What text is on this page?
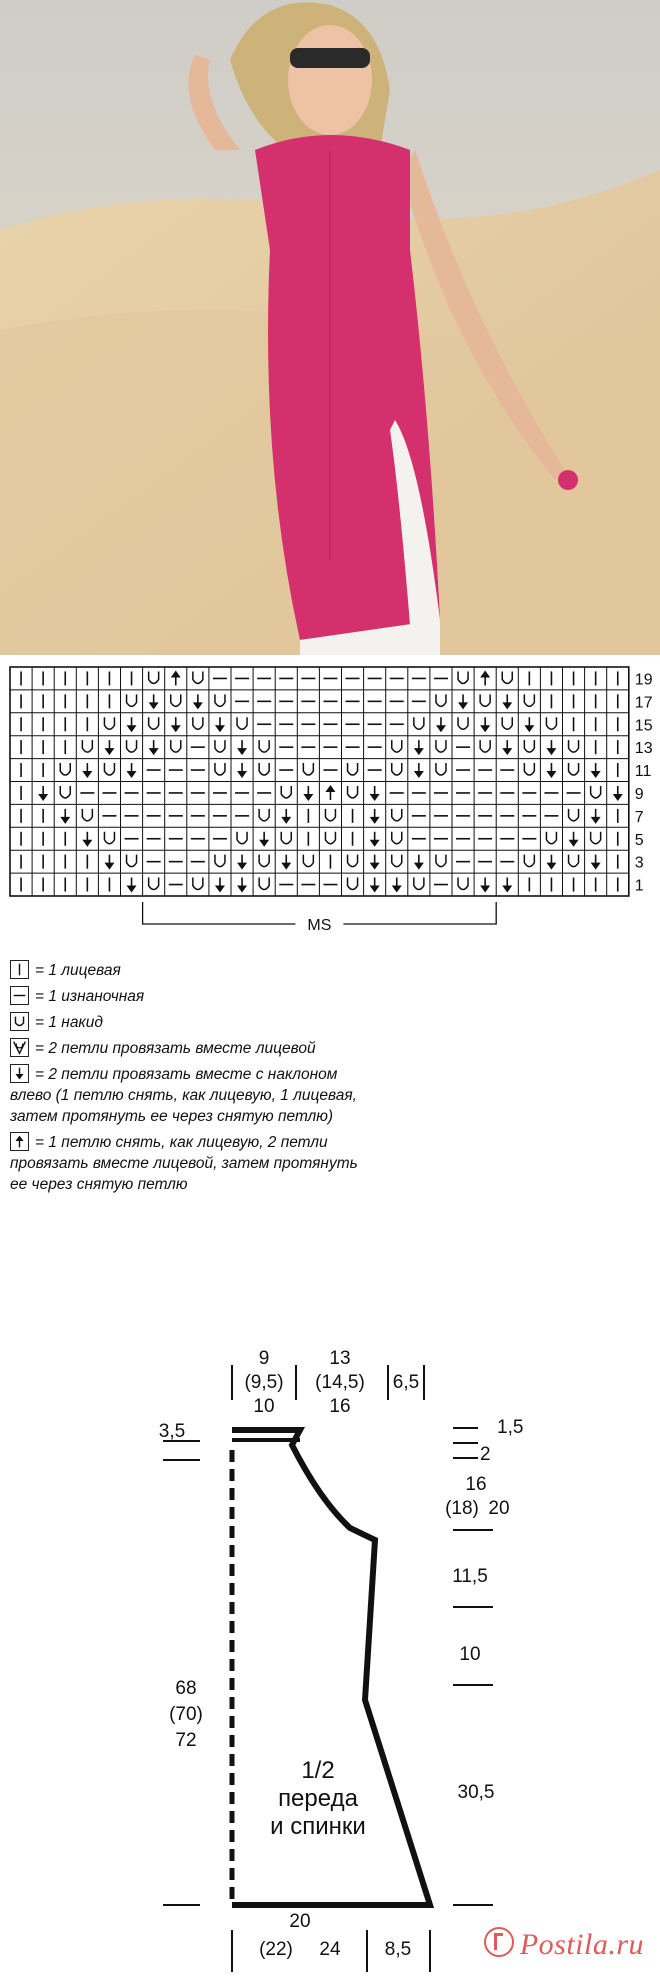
19
17
15
13
11
9
7
5
3
1
MS
= 1 лицевая
= 1 изнаночная
= 1 накид
= 2 петли провязать вместе лицевой
= 2 петли провязать вместе с наклоном влево (1 петлю снять, как лицевую, 1 лицевая, затем протянуть ее через снятую петлю)
= 1 петлю снять, как лицевую, 2 петли провязать вместе лицевой, затем протянуть ее через снятую петлю
9
(9,5)
10
13
(14,5)
16
6,5
3,5	1,5
2
16
(18) 20
11,5
10
30,5
68
(70)
72
20
(22) 24 8,5
1/2
переда
и спинки
Postila.ru
